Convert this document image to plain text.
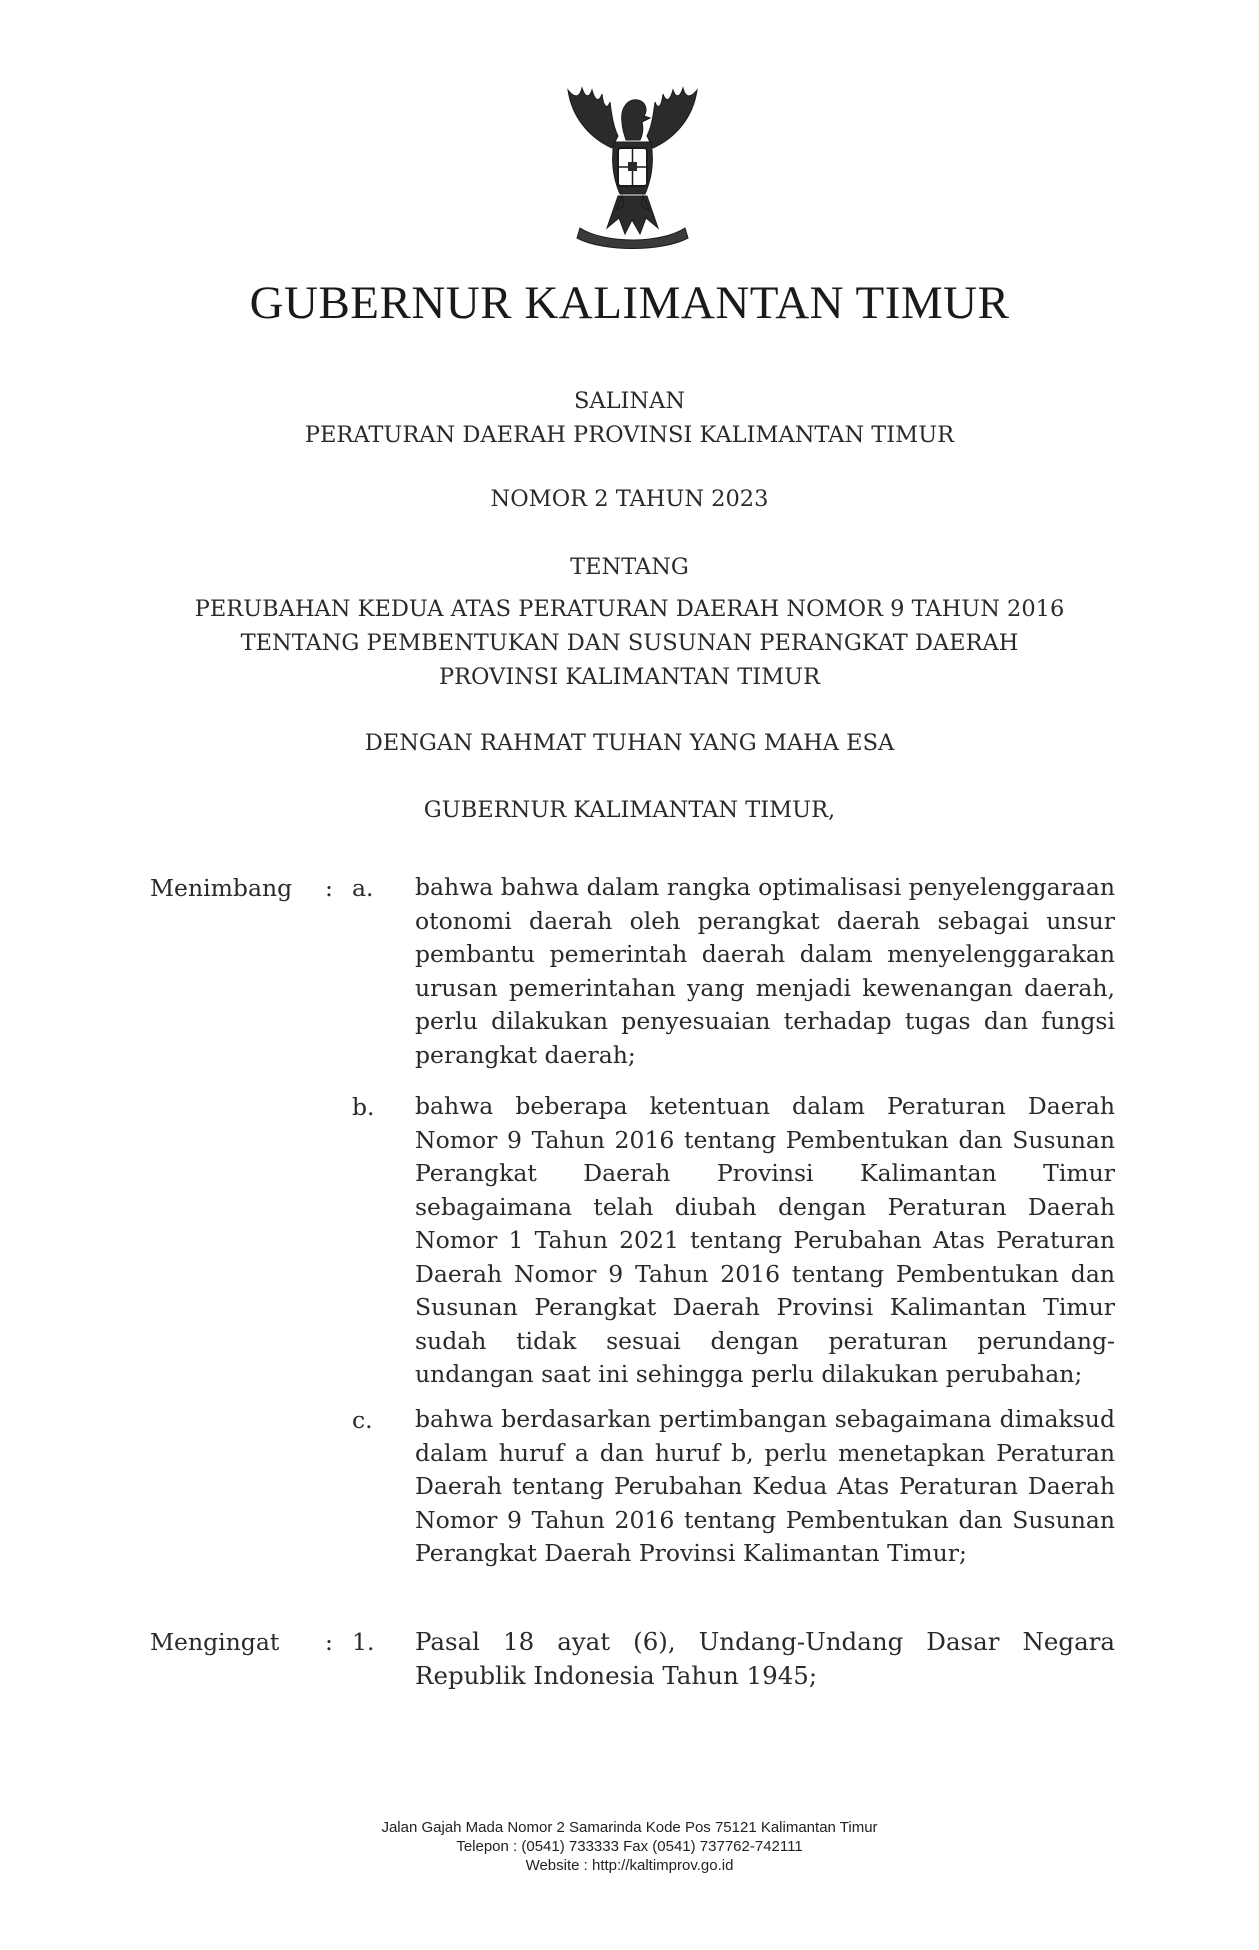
GUBERNUR KALIMANTAN TIMUR
SALINAN
PERATURAN DAERAH PROVINSI KALIMANTAN TIMUR
NOMOR 2 TAHUN 2023
TENTANG
PERUBAHAN KEDUA ATAS PERATURAN DAERAH NOMOR 9 TAHUN 2016
TENTANG PEMBENTUKAN DAN SUSUNAN PERANGKAT DAERAH
PROVINSI KALIMANTAN TIMUR
DENGAN RAHMAT TUHAN YANG MAHA ESA
GUBERNUR KALIMANTAN TIMUR,
Menimbang : a. bahwa bahwa dalam rangka optimalisasi penyelenggaraan otonomi daerah oleh perangkat daerah sebagai unsur pembantu pemerintah daerah dalam menyelenggarakan urusan pemerintahan yang menjadi kewenangan daerah, perlu dilakukan penyesuaian terhadap tugas dan fungsi perangkat daerah;

b. bahwa beberapa ketentuan dalam Peraturan Daerah Nomor 9 Tahun 2016 tentang Pembentukan dan Susunan Perangkat Daerah Provinsi Kalimantan Timur sebagaimana telah diubah dengan Peraturan Daerah Nomor 1 Tahun 2021 tentang Perubahan Atas Peraturan Daerah Nomor 9 Tahun 2016 tentang Pembentukan dan Susunan Perangkat Daerah Provinsi Kalimantan Timur sudah tidak sesuai dengan peraturan perundang-undangan saat ini sehingga perlu dilakukan perubahan;

c. bahwa berdasarkan pertimbangan sebagaimana dimaksud dalam huruf a dan huruf b, perlu menetapkan Peraturan Daerah tentang Perubahan Kedua Atas Peraturan Daerah Nomor 9 Tahun 2016 tentang Pembentukan dan Susunan Perangkat Daerah Provinsi Kalimantan Timur;

Mengingat : 1. Pasal 18 ayat (6), Undang-Undang Dasar Negara Republik Indonesia Tahun 1945;

Jalan Gajah Mada Nomor 2 Samarinda Kode Pos 75121 Kalimantan Timur
Telepon : (0541) 733333 Fax (0541) 737762-742111
Website : http://kaltimprov.go.id
